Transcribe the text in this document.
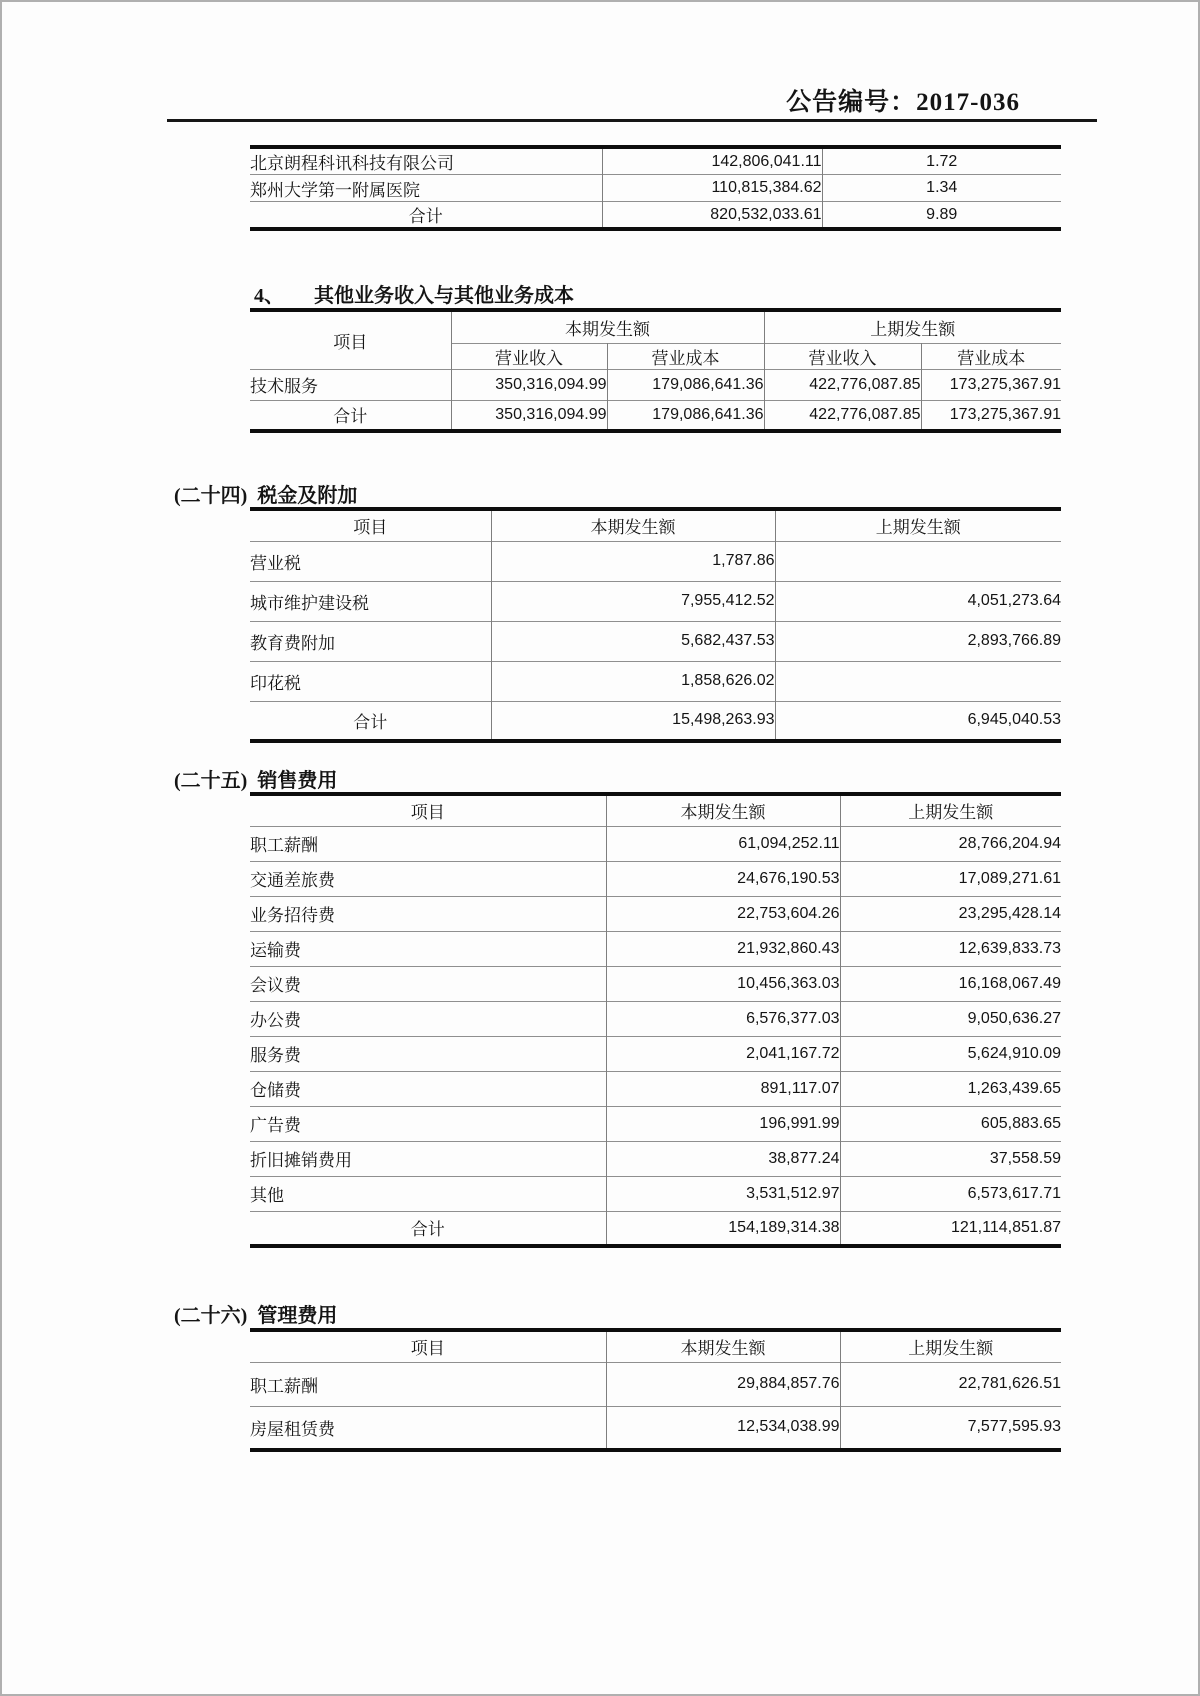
公告编号：2017-036
北京朗程科讯科技有限公司	142,806,041.11	1.72
郑州大学第一附属医院	110,815,384.62	1.34
合计	820,532,033.61	9.89
4、 其他业务收入与其他业务成本
项目	本期发生额		上期发生额	
	营业收入	营业成本	营业收入	营业成本
技术服务	350,316,094.99	179,086,641.36	422,776,087.85	173,275,367.91
合计	350,316,094.99	179,086,641.36	422,776,087.85	173,275,367.91
(二十四) 税金及附加
项目	本期发生额	上期发生额
营业税	1,787.86	
城市维护建设税	7,955,412.52	4,051,273.64
教育费附加	5,682,437.53	2,893,766.89
印花税	1,858,626.02	
合计	15,498,263.93	6,945,040.53
(二十五) 销售费用
项目	本期发生额	上期发生额
职工薪酬	61,094,252.11	28,766,204.94
交通差旅费	24,676,190.53	17,089,271.61
业务招待费	22,753,604.26	23,295,428.14
运输费	21,932,860.43	12,639,833.73
会议费	10,456,363.03	16,168,067.49
办公费	6,576,377.03	9,050,636.27
服务费	2,041,167.72	5,624,910.09
仓储费	891,117.07	1,263,439.65
广告费	196,991.99	605,883.65
折旧摊销费用	38,877.24	37,558.59
其他	3,531,512.97	6,573,617.71
合计	154,189,314.38	121,114,851.87
(二十六) 管理费用
项目	本期发生额	上期发生额
职工薪酬	29,884,857.76	22,781,626.51
房屋租赁费	12,534,038.99	7,577,595.93
